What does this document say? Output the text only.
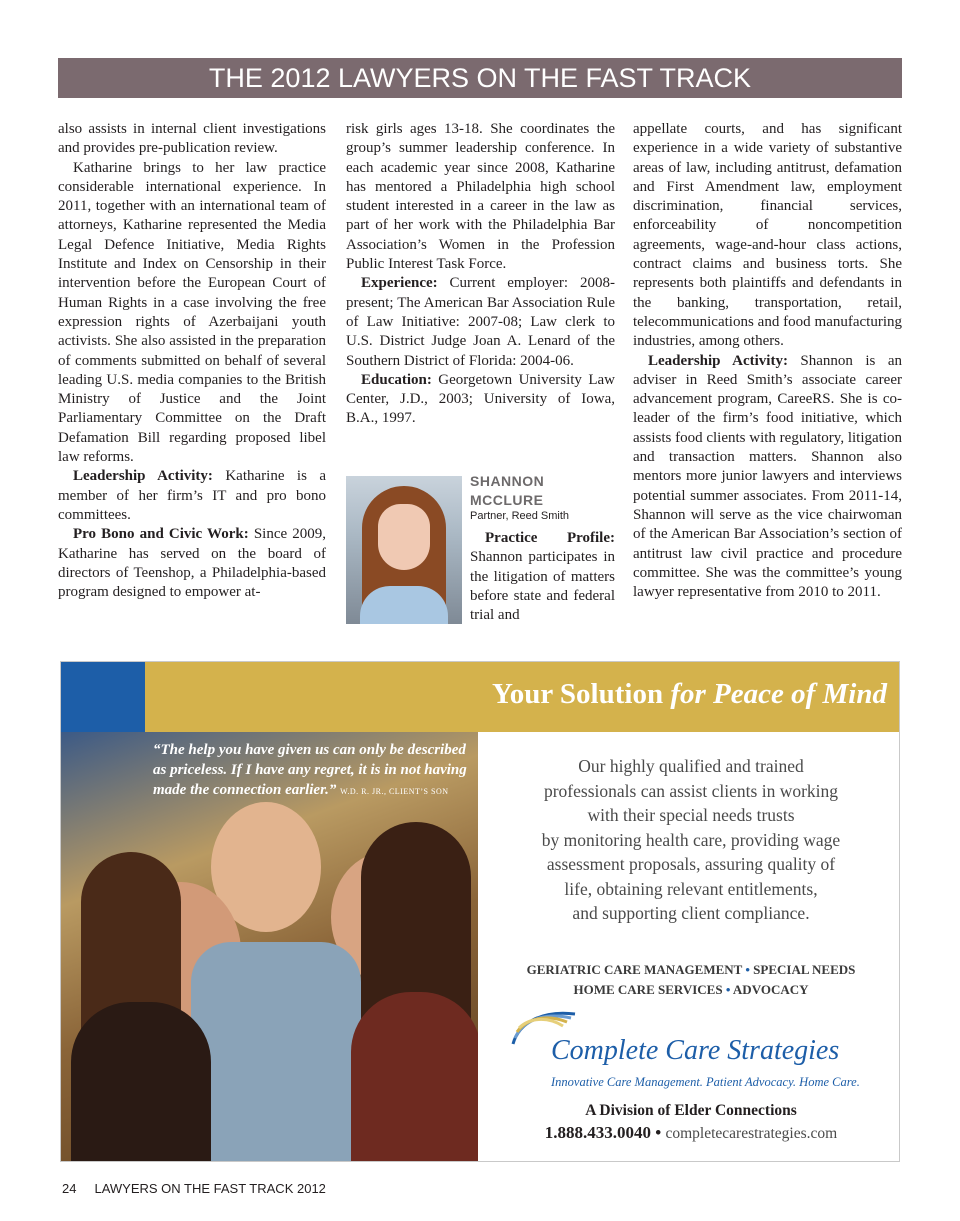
THE 2012 LAWYERS ON THE FAST TRACK

also assists in internal client investigations and provides pre-publication review.

Katharine brings to her law practice considerable international experience. In 2011, together with an international team of attorneys, Katharine represented the Media Legal Defence Initiative, Media Rights Institute and Index on Censorship in their intervention before the European Court of Human Rights in a case involving the free expression rights of Azerbaijani youth activists. She also assisted in the preparation of comments submitted on behalf of several leading U.S. media companies to the British Ministry of Justice and the Joint Parliamentary Committee on the Draft Defamation Bill regarding proposed libel law reforms.

Leadership Activity: Katharine is a member of her firm’s IT and pro bono committees.

Pro Bono and Civic Work: Since 2009, Katharine has served on the board of directors of Teenshop, a Philadelphia-based program designed to empower at-

risk girls ages 13-18. She coordinates the group’s summer leadership conference. In each academic year since 2008, Katharine has mentored a Philadelphia high school student interested in a career in the law as part of her work with the Philadelphia Bar Association’s Women in the Profession Public Interest Task Force.

Experience: Current employer: 2008-present; The American Bar Association Rule of Law Initiative: 2007-08; Law clerk to U.S. District Judge Joan A. Lenard of the Southern District of Florida: 2004-06.

Education: Georgetown University Law Center, J.D., 2003; University of Iowa, B.A., 1997.

SHANNON MCCLURE
Partner, Reed Smith

Practice Profile: Shannon participates in the litigation of matters before state and federal trial and

appellate courts, and has significant experience in a wide variety of substantive areas of law, including antitrust, defamation and First Amendment law, employment discrimination, financial services, enforceability of noncompetition agreements, wage-and-hour class actions, contract claims and business torts. She represents both plaintiffs and defendants in the banking, transportation, retail, telecommunications and food manufacturing industries, among others.

Leadership Activity: Shannon is an adviser in Reed Smith’s associate career advancement program, CareeRS. She is co-leader of the firm’s food initiative, which assists food clients with regulatory, litigation and transaction matters. Shannon also mentors more junior lawyers and interviews potential summer associates. From 2011-14, Shannon will serve as the vice chairwoman of the American Bar Association’s section of antitrust law civil practice and procedure committee. She was the committee’s young lawyer representative from 2010 to 2011.

Your Solution for Peace of Mind
“The help you have given us can only be described as priceless. If I have any regret, it is in not having made the connection earlier.” W.D. R. JR., CLIENT’S SON
Our highly qualified and trained
professionals can assist clients in working
with their special needs trusts
by monitoring health care, providing wage
assessment proposals, assuring quality of
life, obtaining relevant entitlements,
and supporting client compliance.
GERIATRIC CARE MANAGEMENT • SPECIAL NEEDS
HOME CARE SERVICES • ADVOCACY
Complete Care Strategies
Innovative Care Management. Patient Advocacy. Home Care.
A Division of Elder Connections
1.888.433.0040 • completecarestrategies.com
24 LAWYERS ON THE FAST TRACK 2012
